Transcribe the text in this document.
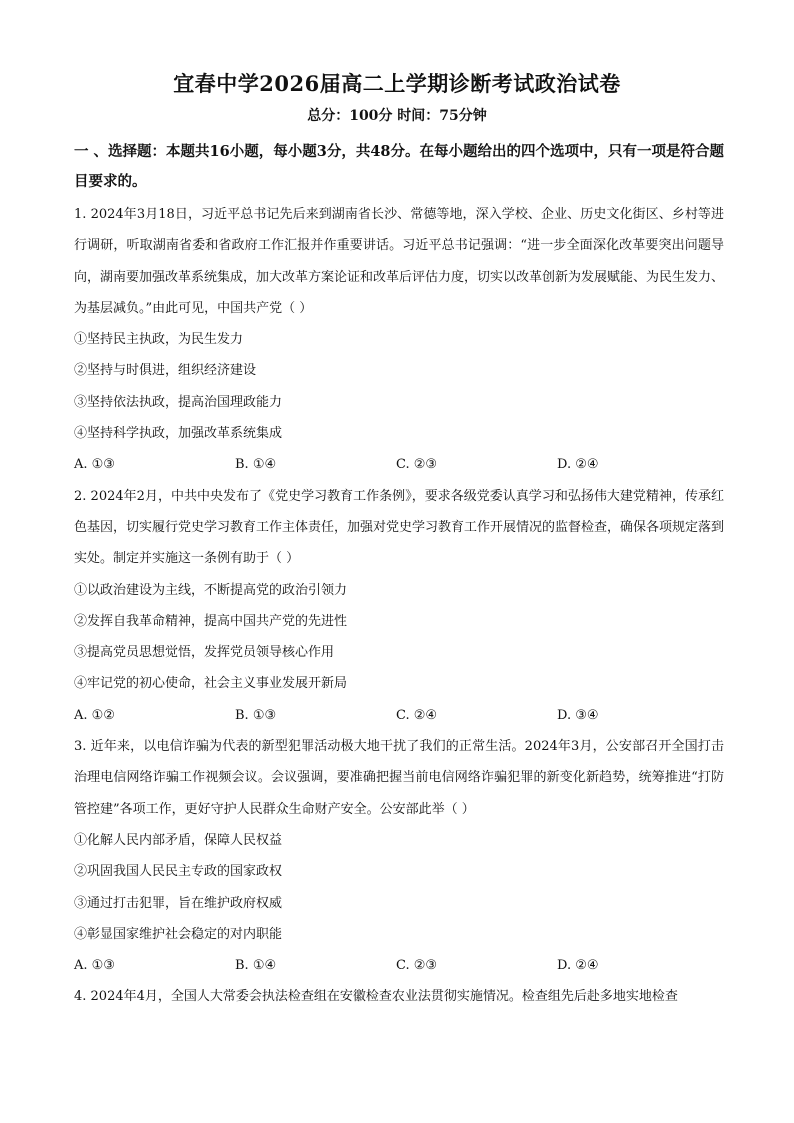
宜春中学2026届高二上学期诊断考试政治试卷
总分：100分 时间：75分钟
一 、选择题：本题共16小题，每小题3分，共48分。在每小题给出的四个选项中，只有一项是符合题目要求的。

1. 2024年3月18日，习近平总书记先后来到湖南省长沙、常德等地，深入学校、企业、历史文化街区、乡村等进行调研，听取湖南省委和省政府工作汇报并作重要讲话。习近平总书记强调：“进一步全面深化改革要突出问题导向，湖南要加强改革系统集成，加大改革方案论证和改革后评估力度，切实以改革创新为发展赋能、为民生发力、为基层减负。”由此可见，中国共产党（ ）

①坚持民主执政，为民生发力

②坚持与时俱进，组织经济建设

③坚持依法执政，提高治国理政能力

④坚持科学执政，加强改革系统集成

A. ①③	B. ①④	C. ②③	D. ②④

2. 2024年2月，中共中央发布了《党史学习教育工作条例》，要求各级党委认真学习和弘扬伟大建党精神，传承红色基因，切实履行党史学习教育工作主体责任，加强对党史学习教育工作开展情况的监督检查，确保各项规定落到实处。制定并实施这一条例有助于（ ）

①以政治建设为主线，不断提高党的政治引领力

②发挥自我革命精神，提高中国共产党的先进性

③提高党员思想觉悟，发挥党员领导核心作用

④牢记党的初心使命，社会主义事业发展开新局

A. ①②	B. ①③	C. ②④	D. ③④

3. 近年来，以电信诈骗为代表的新型犯罪活动极大地干扰了我们的正常生活。2024年3月，公安部召开全国打击治理电信网络诈骗工作视频会议。会议强调，要准确把握当前电信网络诈骗犯罪的新变化新趋势，统筹推进“打防管控建”各项工作，更好守护人民群众生命财产安全。公安部此举（ ）

①化解人民内部矛盾，保障人民权益

②巩固我国人民民主专政的国家政权

③通过打击犯罪，旨在维护政府权威

④彰显国家维护社会稳定的对内职能

A. ①③	B. ①④	C. ②③	D. ②④

4. 2024年4月，全国人大常委会执法检查组在安徽检查农业法贯彻实施情况。检查组先后赴多地实地检查
